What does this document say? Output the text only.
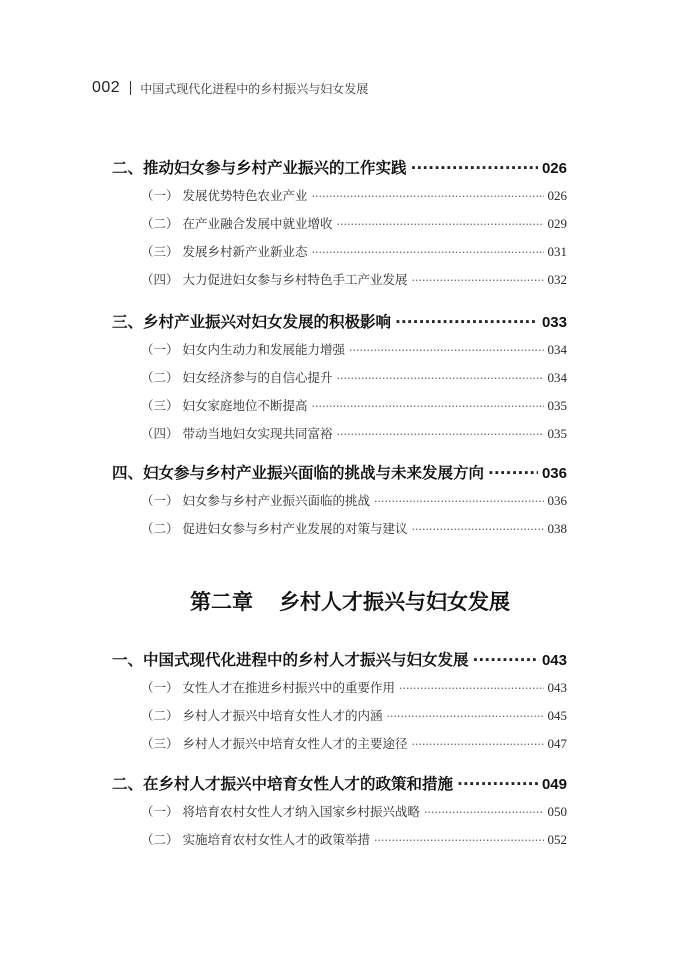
002 中国式现代化进程中的乡村振兴与妇女发展
二、推动妇女参与乡村产业振兴的工作实践 ·····	026
（一） 发展优势特色农业产业 ·····	026
（二） 在产业融合发展中就业增收 ·····	029
（三） 发展乡村新产业新业态 ·····	031
（四） 大力促进妇女参与乡村特色手工产业发展 ·····	032
三、乡村产业振兴对妇女发展的积极影响 ·····	033
（一） 妇女内生动力和发展能力增强 ·····	034
（二） 妇女经济参与的自信心提升 ·····	034
（三） 妇女家庭地位不断提高 ·····	035
（四） 带动当地妇女实现共同富裕 ·····	035
四、妇女参与乡村产业振兴面临的挑战与未来发展方向 ·····	036
（一） 妇女参与乡村产业振兴面临的挑战 ·····	036
（二） 促进妇女参与乡村产业发展的对策与建议 ·····	038
第二章 乡村人才振兴与妇女发展
一、中国式现代化进程中的乡村人才振兴与妇女发展 ·····	043
（一） 女性人才在推进乡村振兴中的重要作用 ·····	043
（二） 乡村人才振兴中培育女性人才的内涵 ·····	045
（三） 乡村人才振兴中培育女性人才的主要途径 ·····	047
二、在乡村人才振兴中培育女性人才的政策和措施 ·····	049
（一） 将培育农村女性人才纳入国家乡村振兴战略 ·····	050
（二） 实施培育农村女性人才的政策举措 ·····	052
